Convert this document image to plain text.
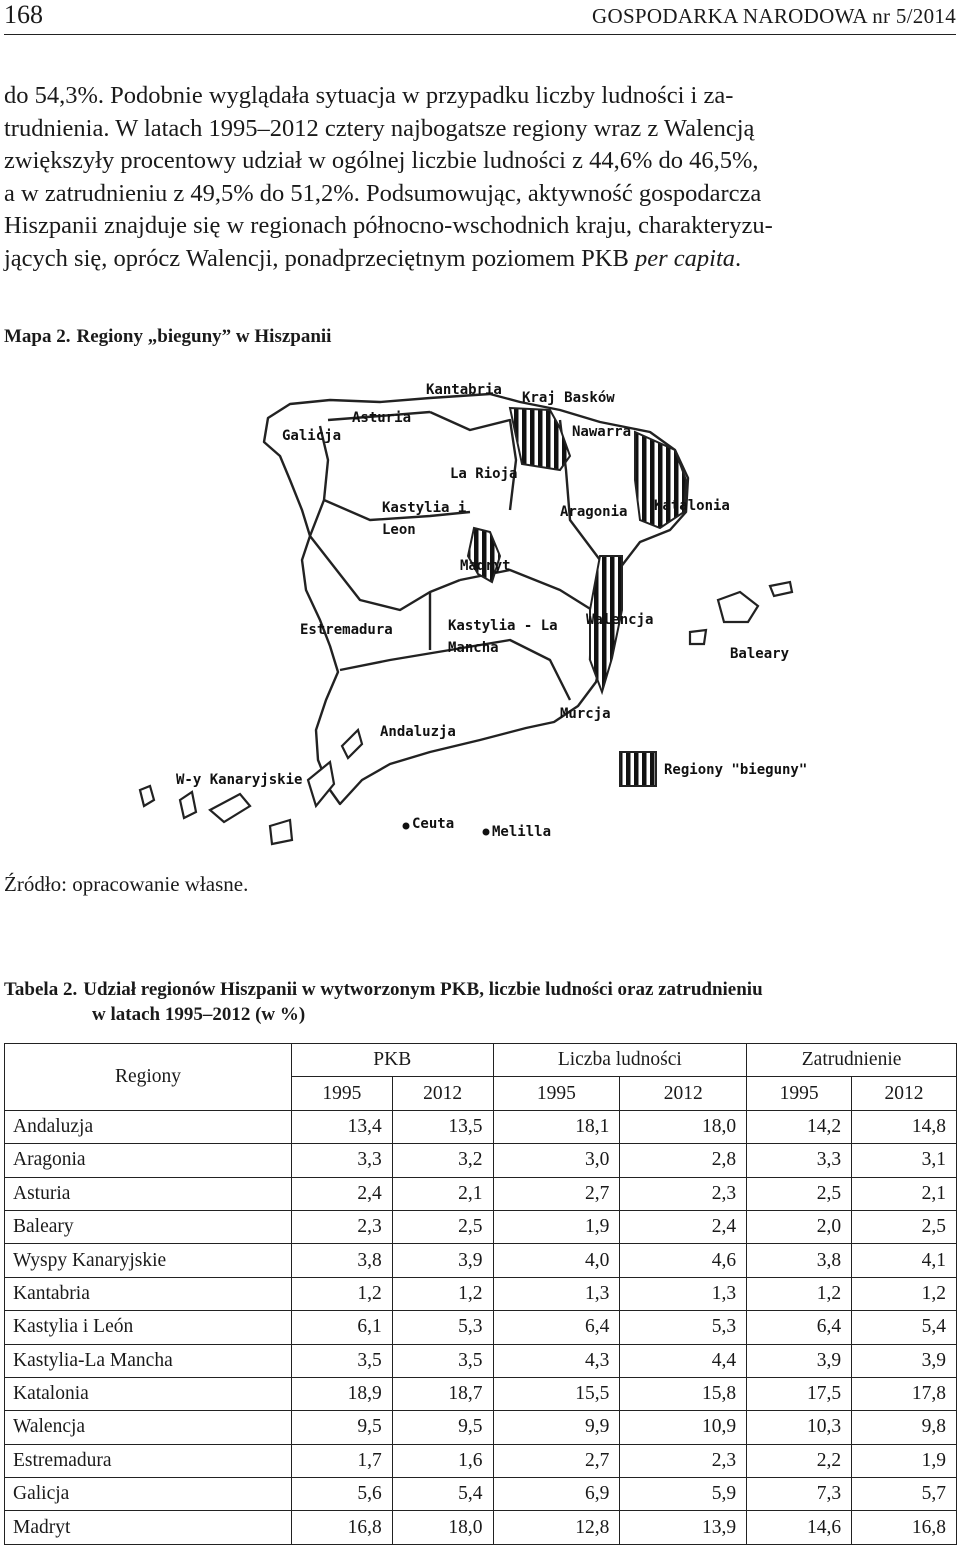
168	GOSPODARKA NARODOWA nr 5/2014
do 54,3%. Podobnie wyglądała sytuacja w przypadku liczby ludności i za-
trudnienia. W latach 1995–2012 cztery najbogatsze regiony wraz z Walencją
zwiększyły procentowy udział w ogólnej liczbie ludności z 44,6% do 46,5%,
a w zatrudnieniu z 49,5% do 51,2%. Podsumowując, aktywność gospodarcza
Hiszpanii znajduje się w regionach północno-wschodnich kraju, charakteryzu-
jących się, oprócz Walencji, ponadprzeciętnym poziomem PKB per capita.
Mapa 2. Regiony „bieguny” w Hiszpanii
Kantabria Kraj Basków
Asturia
Galicja	Nawarra
La Rioja
Kastylia i
Leon
Aragonia Katalonia
Madryt
Estremadura	Kastylia - La
Mancha
Walencja
Baleary
Murcja
Andaluzja
W-y Kanaryjskie
Ceuta	Melilla
Regiony "bieguny"
Źródło: opracowanie własne.
Tabela 2. Udział regionów Hiszpanii w wytworzonym PKB, liczbie ludności oraz zatrudnieniu
w latach 1995–2012 (w %)
Regiony	PKB		Liczba ludności		Zatrudnienie	
	1995	2012	1995	2012	1995	2012
Andaluzja	13,4	13,5	18,1	18,0	14,2	14,8
Aragonia	3,3	3,2	3,0	2,8	3,3	3,1
Asturia	2,4	2,1	2,7	2,3	2,5	2,1
Baleary	2,3	2,5	1,9	2,4	2,0	2,5
Wyspy Kanaryjskie	3,8	3,9	4,0	4,6	3,8	4,1
Kantabria	1,2	1,2	1,3	1,3	1,2	1,2
Kastylia i León	6,1	5,3	6,4	5,3	6,4	5,4
Kastylia-La Mancha	3,5	3,5	4,3	4,4	3,9	3,9
Katalonia	18,9	18,7	15,5	15,8	17,5	17,8
Walencja	9,5	9,5	9,9	10,9	10,3	9,8
Estremadura	1,7	1,6	2,7	2,3	2,2	1,9
Galicja	5,6	5,4	6,9	5,9	7,3	5,7
Madryt	16,8	18,0	12,8	13,9	14,6	16,8
